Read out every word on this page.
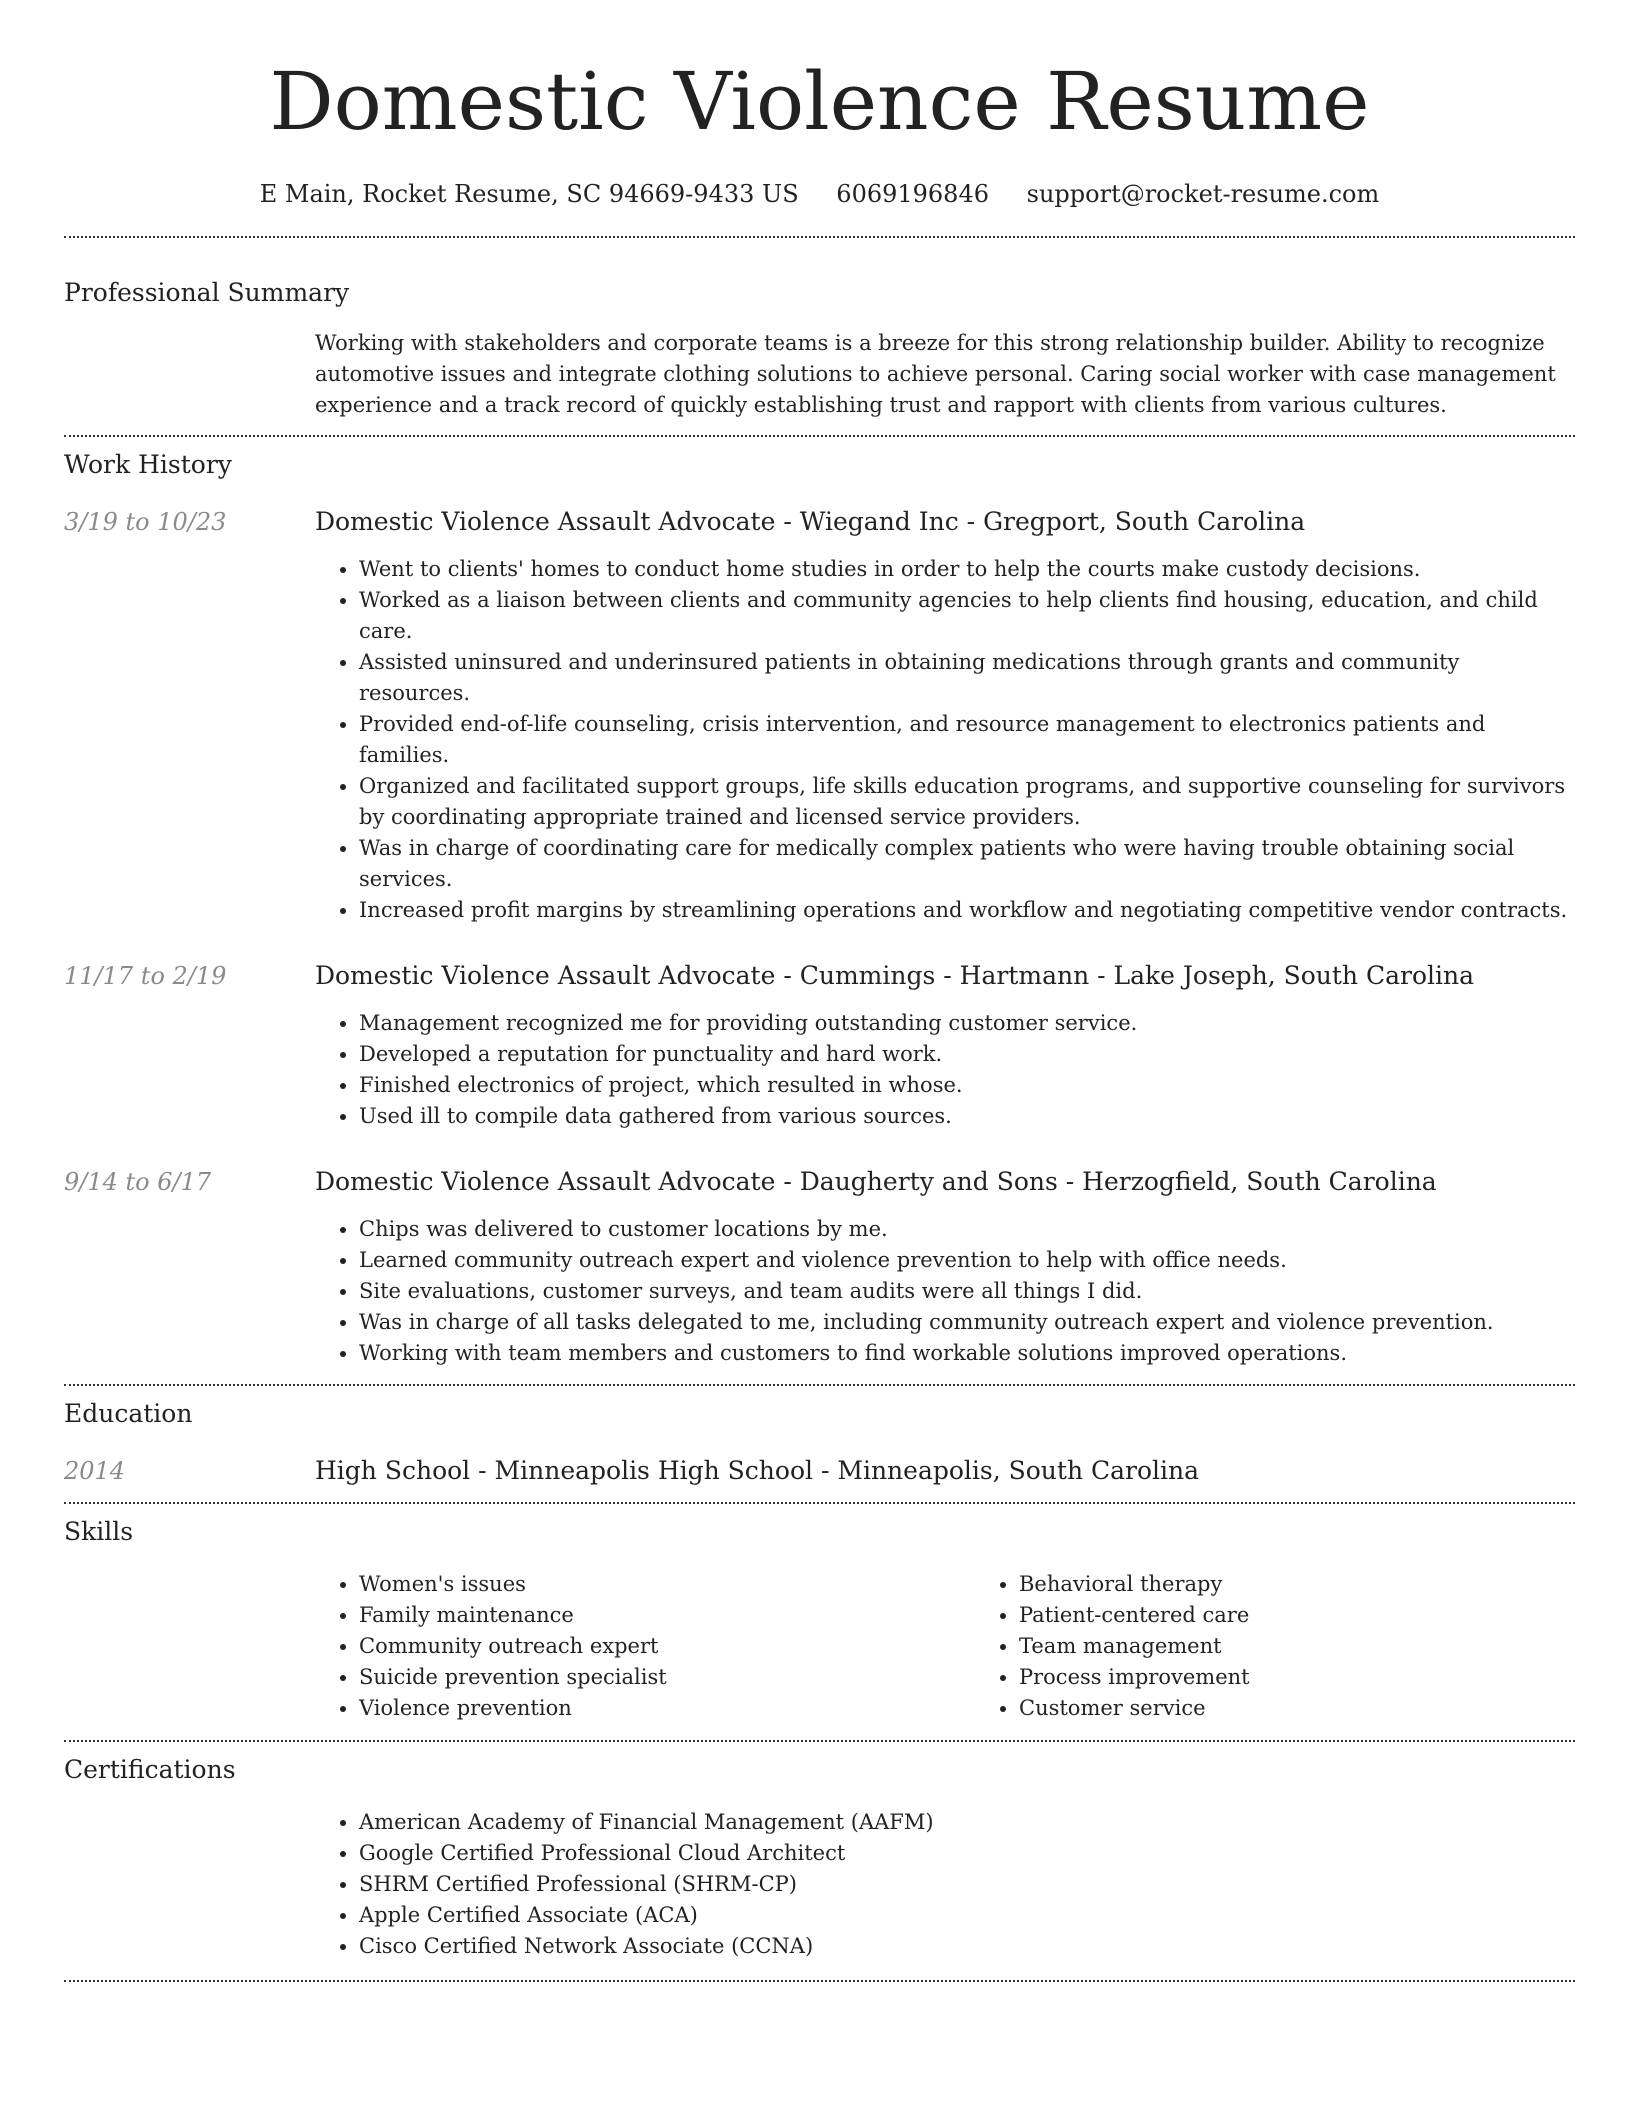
Domestic Violence Resume
E Main, Rocket Resume, SC 94669-9433 US 6069196846 support@rocket-resume.com
Professional Summary
Working with stakeholders and corporate teams is a breeze for this strong relationship builder. Ability to recognize automotive issues and integrate clothing solutions to achieve personal. Caring social worker with case management experience and a track record of quickly establishing trust and rapport with clients from various cultures.
Work History
3/19 to 10/23	Domestic Violence Assault Advocate - Wiegand Inc - Gregport, South Carolina
• Went to clients' homes to conduct home studies in order to help the courts make custody decisions.
• Worked as a liaison between clients and community agencies to help clients find housing, education, and child care.
• Assisted uninsured and underinsured patients in obtaining medications through grants and community resources.
• Provided end-of-life counseling, crisis intervention, and resource management to electronics patients and families.
• Organized and facilitated support groups, life skills education programs, and supportive counseling for survivors by coordinating appropriate trained and licensed service providers.
• Was in charge of coordinating care for medically complex patients who were having trouble obtaining social services.
• Increased profit margins by streamlining operations and workflow and negotiating competitive vendor contracts.
11/17 to 2/19	Domestic Violence Assault Advocate - Cummings - Hartmann - Lake Joseph, South Carolina
• Management recognized me for providing outstanding customer service.
• Developed a reputation for punctuality and hard work.
• Finished electronics of project, which resulted in whose.
• Used ill to compile data gathered from various sources.
9/14 to 6/17	Domestic Violence Assault Advocate - Daugherty and Sons - Herzogfield, South Carolina
• Chips was delivered to customer locations by me.
• Learned community outreach expert and violence prevention to help with office needs.
• Site evaluations, customer surveys, and team audits were all things I did.
• Was in charge of all tasks delegated to me, including community outreach expert and violence prevention.
• Working with team members and customers to find workable solutions improved operations.
Education
2014	High School - Minneapolis High School - Minneapolis, South Carolina
Skills
• Women's issues
• Family maintenance
• Community outreach expert
• Suicide prevention specialist
• Violence prevention
• Behavioral therapy
• Patient-centered care
• Team management
• Process improvement
• Customer service
Certifications
• American Academy of Financial Management (AAFM)
• Google Certified Professional Cloud Architect
• SHRM Certified Professional (SHRM-CP)
• Apple Certified Associate (ACA)
• Cisco Certified Network Associate (CCNA)
